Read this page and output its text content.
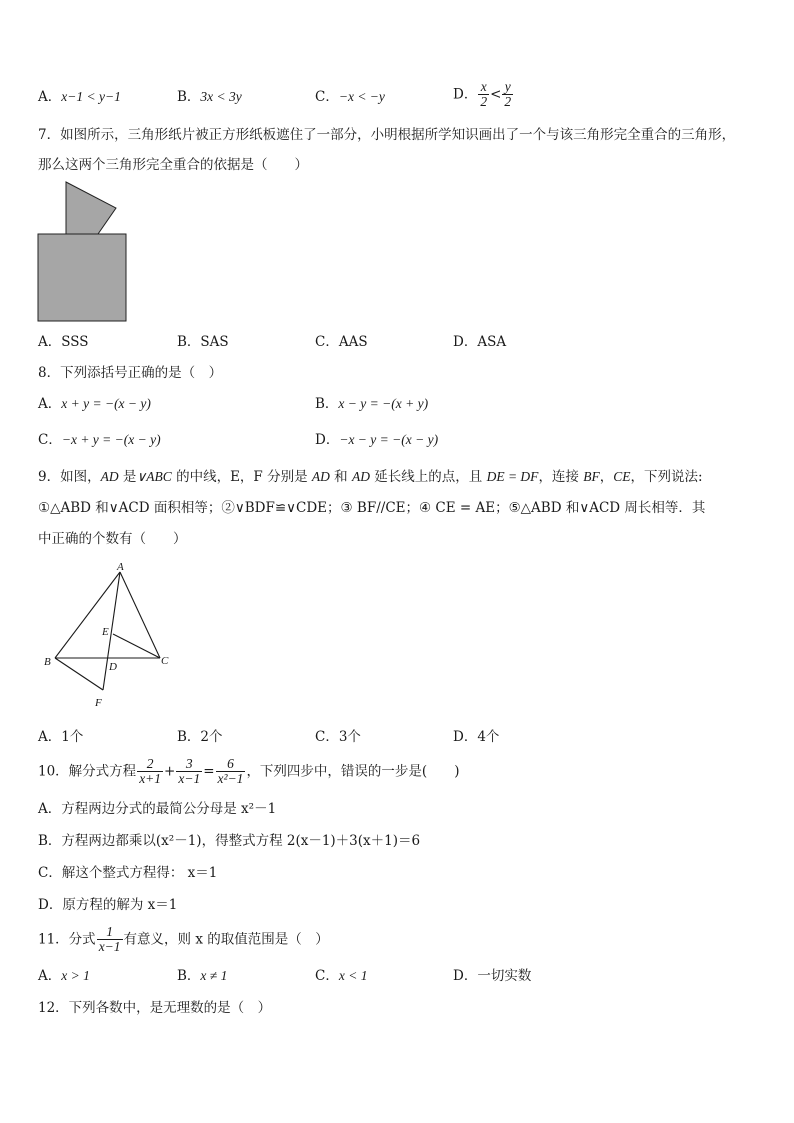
A．x−1 < y−1	B．3x < 3y	C．−x < −y	D． $\frac{x}{2} < \frac{y}{2}$
7．如图所示，三角形纸片被正方形纸板遮住了一部分，小明根据所学知识画出了一个与该三角形完全重合的三角形，
那么这两个三角形完全重合的依据是（　　）
A．SSS	B．SAS	C．AAS	D．ASA
8．下列添括号正确的是（　）
A．x + y = −(x − y)	B．x − y = −(x + y)
C．−x + y = −(x − y)	D．−x − y = −(x − y)
9．如图，AD 是∨ABC 的中线，E，F 分别是 AD 和 AD 延长线上的点，且 DE = DF，连接 BF，CE，下列说法:
①△ABD 和∨ACD 面积相等；②∨BDF≌∨CDE；③ BF//CE；④ CE = AE；⑤△ABD 和∨ACD 周长相等．其
中正确的个数有（　　）
A
B	C
D
E
F
A．1个	B．2个	C．3个	D．4个
10．解分式方程 $\frac{2}{x+1} + \frac{3}{x-1} = \frac{6}{\text{x²−1}}$ ，下列四步中，错误的一步是(　　)
A．方程两边分式的最简公分母是 x²－1
B．方程两边都乘以(x²－1)，得整式方程 2(x－1)＋3(x＋1)＝6
C．解这个整式方程得： x＝1
D．原方程的解为 x＝1
11．分式 $\frac{1}{x-1}$ 有意义，则 x 的取值范围是（　）
A．x > 1	B．x ≠ 1	C．x < 1	D．一切实数
12．下列各数中，是无理数的是（　）
